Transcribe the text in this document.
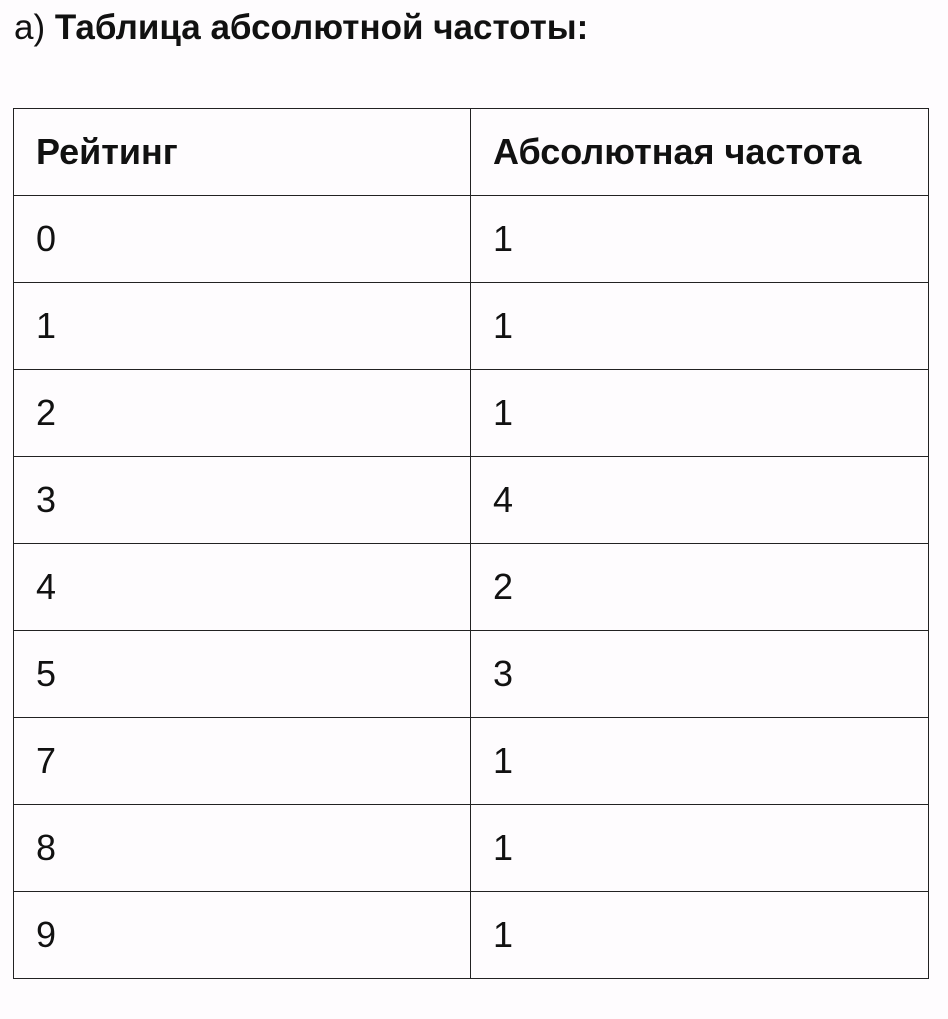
а) Таблица абсолютной частоты:
Рейтинг	Абсолютная частота
0	1
1	1
2	1
3	4
4	2
5	3
7	1
8	1
9	1
